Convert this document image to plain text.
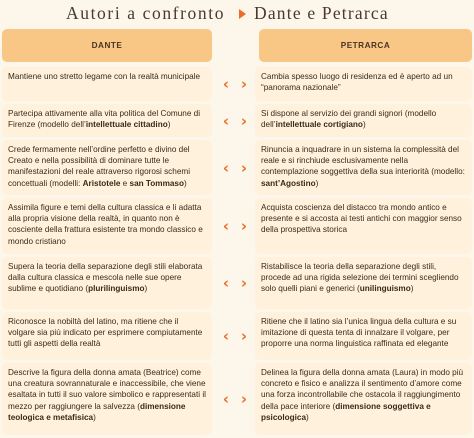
Autori a confronto Dante e Petrarca
DANTE	PETRARCA
Mantiene uno stretto legame con la realtà municipale	Cambia spesso luogo di residenza ed è aperto ad un “panorama nazionale”
‹ ›
Partecipa attivamente alla vita politica del Comune di Firenze (modello dell’intellettuale cittadino)
Si dispone al servizio dei grandi signori (modello dell’intellettuale cortigiano)
‹ ›
Crede fermamente nell’ordine perfetto e divino del Creato e nella possibilità di dominare tutte le manifestazioni del reale attraverso rigorosi schemi concettuali (modelli: Aristotele e san Tommaso)
Rinuncia a inquadrare in un sistema la complessità del reale e si rinchiude esclusivamente nella contemplazione soggettiva della sua interiorità (modello: sant’Agostino)
‹ ›
Assimila figure e temi della cultura classica e li adatta alla propria visione della realtà, in quanto non è cosciente della frattura esistente tra mondo classico e mondo cristiano
Acquista coscienza del distacco tra mondo antico e presente e si accosta ai testi antichi con maggior senso della prospettiva storica
‹ ›
Supera la teoria della separazione degli stili elaborata dalla cultura classica e mescola nelle sue opere sublime e quotidiano (plurilinguismo)
Ristabilisce la teoria della separazione degli stili, procede ad una rigida selezione dei termini scegliendo solo quelli piani e generici (unilinguismo)
‹ ›
Riconosce la nobiltà del latino, ma ritiene che il volgare sia più indicato per esprimere compiutamente tutti gli aspetti della realtà
Ritiene che il latino sia l’unica lingua della cultura e su imitazione di questa tenta di innalzare il volgare, per proporre una norma linguistica raffinata ed elegante
‹ ›
Descrive la figura della donna amata (Beatrice) come una creatura sovrannaturale e inaccessibile, che viene esaltata in tutti il suo valore simbolico e rappresentati il mezzo per raggiungere la salvezza (dimensione teologica e metafisica)
Delinea la figura della donna amata (Laura) in modo più concreto e fisico e analizza il sentimento d’amore come una forza incontrollabile che ostacola il raggiungimento della pace interiore (dimensione soggettiva e psicologica)
‹ ›
